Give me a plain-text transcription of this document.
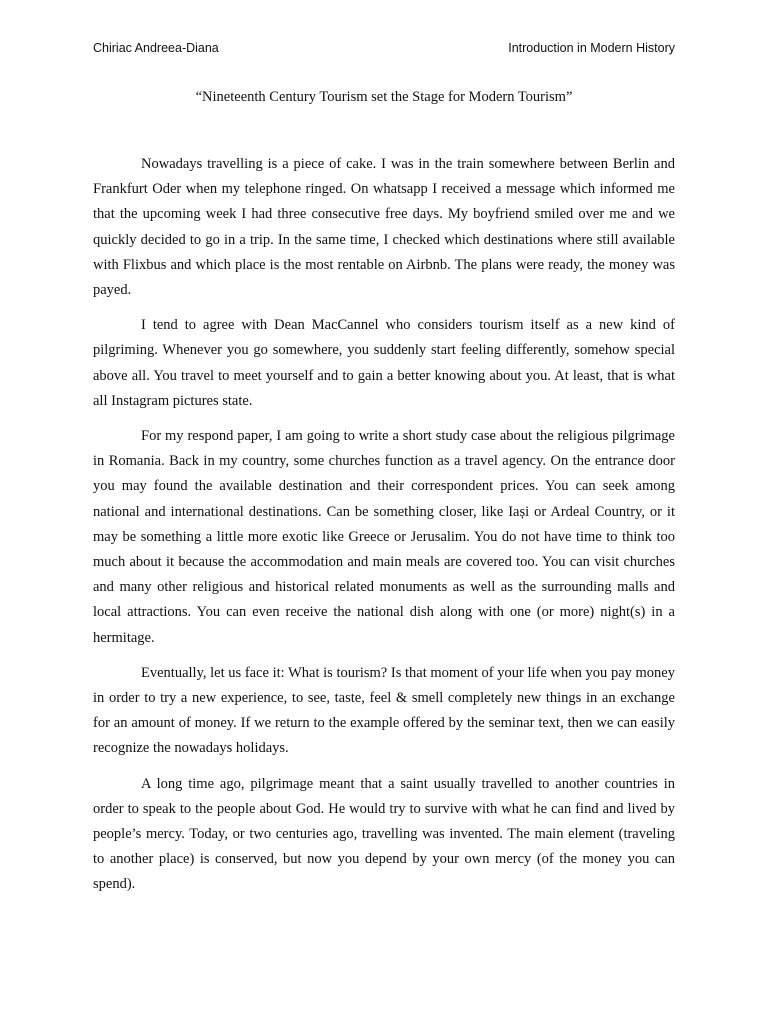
Chiriac Andreea-Diana	Introduction in Modern History
“Nineteenth Century Tourism set the Stage for Modern Tourism”

Nowadays travelling is a piece of cake. I was in the train somewhere between Berlin and Frankfurt Oder when my telephone ringed. On whatsapp I received a message which informed me that the upcoming week I had three consecutive free days. My boyfriend smiled over me and we quickly decided to go in a trip. In the same time, I checked which destinations where still available with Flixbus and which place is the most rentable on Airbnb. The plans were ready, the money was payed.

I tend to agree with Dean MacCannel who considers tourism itself as a new kind of pilgriming. Whenever you go somewhere, you suddenly start feeling differently, somehow special above all. You travel to meet yourself and to gain a better knowing about you. At least, that is what all Instagram pictures state.

For my respond paper, I am going to write a short study case about the religious pilgrimage in Romania. Back in my country, some churches function as a travel agency. On the entrance door you may found the available destination and their correspondent prices. You can seek among national and international destinations. Can be something closer, like Iași or Ardeal Country, or it may be something a little more exotic like Greece or Jerusalim. You do not have time to think too much about it because the accommodation and main meals are covered too. You can visit churches and many other religious and historical related monuments as well as the surrounding malls and local attractions. You can even receive the national dish along with one (or more) night(s) in a hermitage.

Eventually, let us face it: What is tourism? Is that moment of your life when you pay money in order to try a new experience, to see, taste, feel & smell completely new things in an exchange for an amount of money. If we return to the example offered by the seminar text, then we can easily recognize the nowadays holidays.

A long time ago, pilgrimage meant that a saint usually travelled to another countries in order to speak to the people about God. He would try to survive with what he can find and lived by people’s mercy. Today, or two centuries ago, travelling was invented. The main element (traveling to another place) is conserved, but now you depend by your own mercy (of the money you can spend).
